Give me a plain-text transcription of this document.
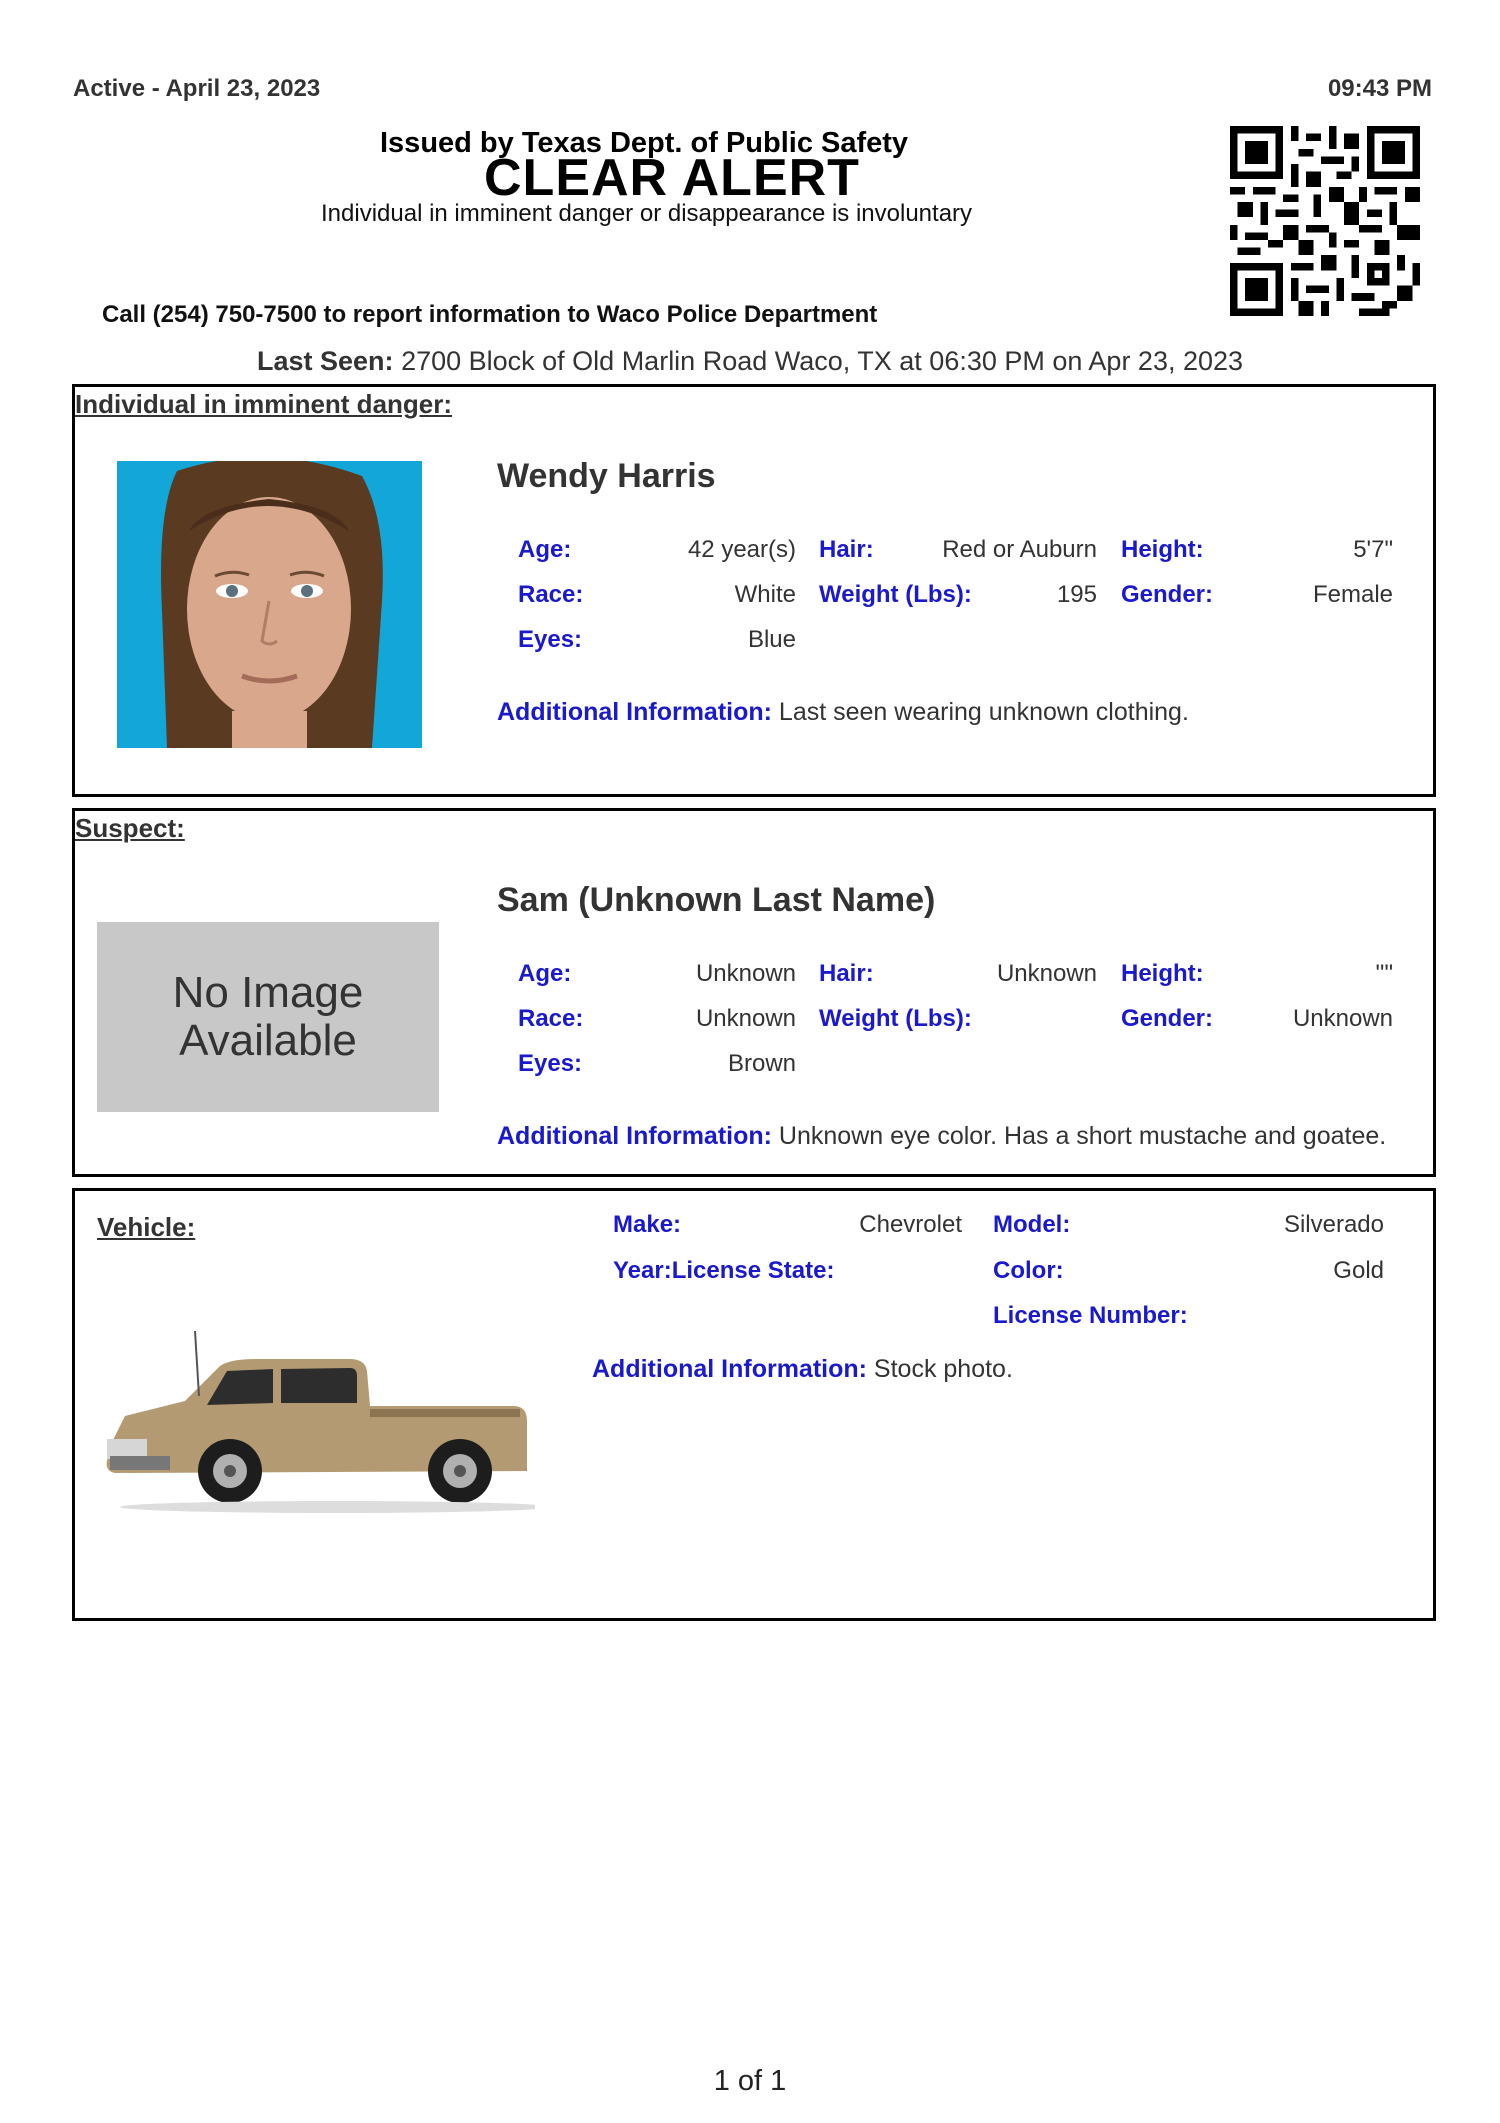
Active - April 23, 2023	09:43 PM
Issued by Texas Dept. of Public Safety
CLEAR ALERT
Individual in imminent danger or disappearance is involuntary
Call (254) 750-7500 to report information to Waco Police Department
Last Seen: 2700 Block of Old Marlin Road Waco, TX at 06:30 PM on Apr 23, 2023
Individual in imminent danger:
Wendy Harris
Age:	42 year(s) Hair:	Red or Auburn Height:	5'7"
Race:	White Weight (Lbs):	195 Gender:	Female
Eyes:	Blue
Additional Information: Last seen wearing unknown clothing.
Suspect:
No Image Available
Sam (Unknown Last Name)
Age:	Unknown Hair:	Unknown Height:	''"
Race:	Unknown Weight (Lbs):	Gender:	Unknown
Eyes:	Brown
Additional Information: Unknown eye color. Has a short mustache and goatee.
Vehicle:	Make:	Chevrolet Model:	Silverado
Year:License State:	Color:	Gold
License Number:
Additional Information: Stock photo.
1 of 1
